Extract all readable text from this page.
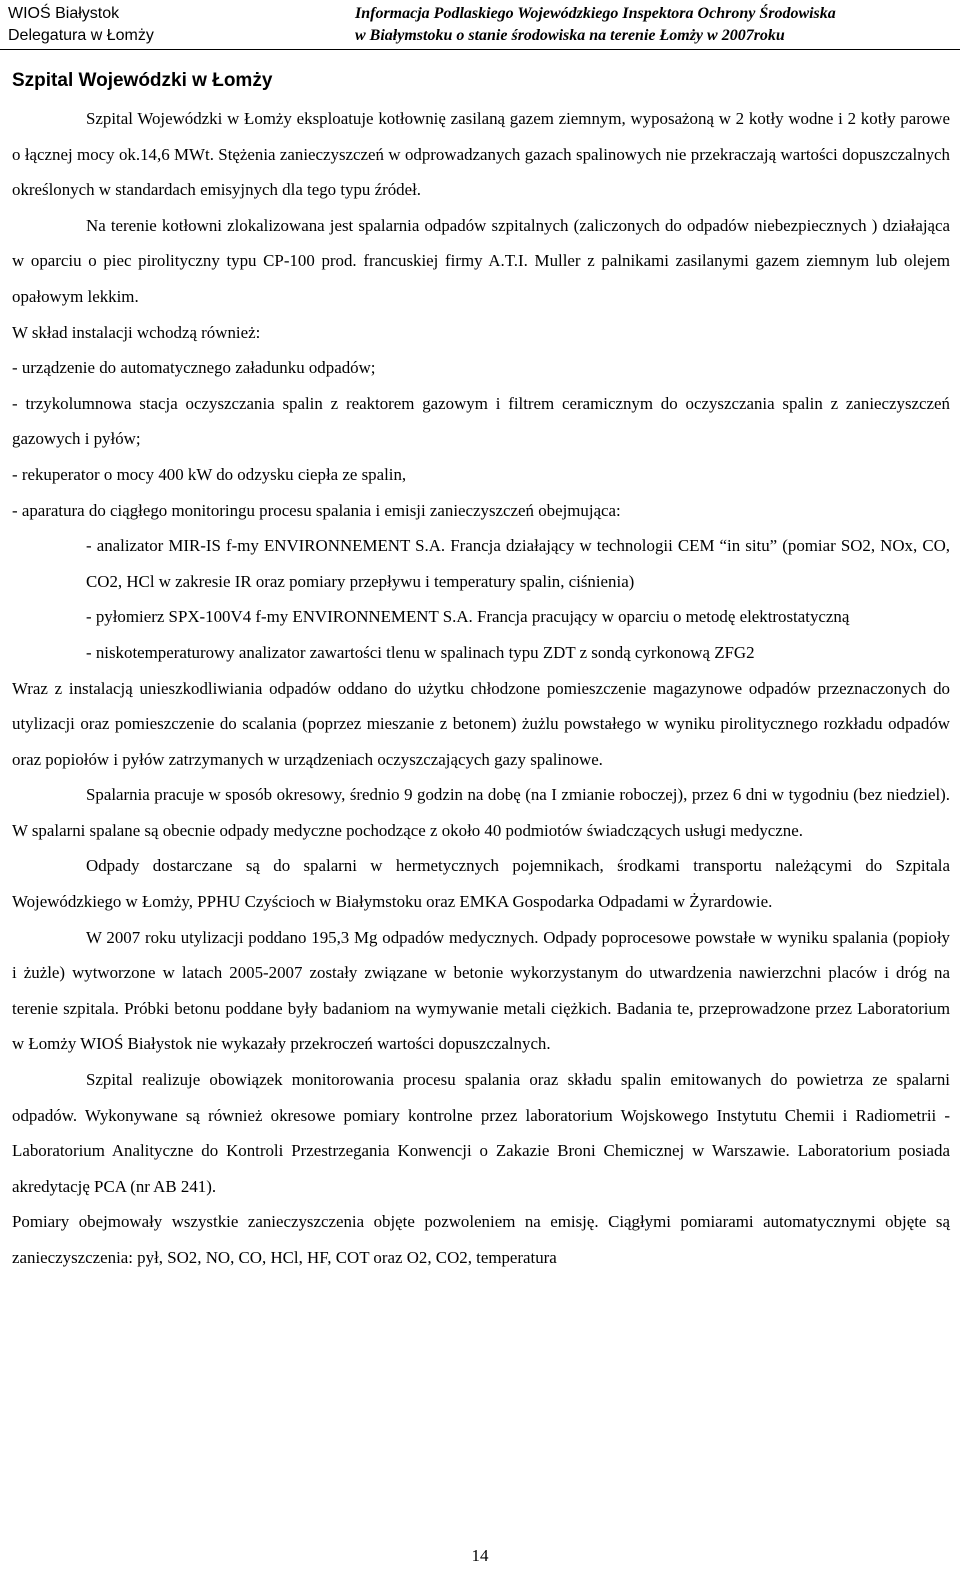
WIOŚ Białystok
Delegatura w Łomży
Informacja Podlaskiego Wojewódzkiego Inspektora Ochrony Środowiska
w Białymstoku o stanie środowiska na terenie Łomży w 2007roku
Szpital Wojewódzki w Łomży

Szpital Wojewódzki w Łomży eksploatuje kotłownię zasilaną gazem ziemnym, wyposażoną w 2 kotły wodne i 2 kotły parowe o łącznej mocy ok.14,6 MWt. Stężenia zanieczyszczeń w odprowadzanych gazach spalinowych nie przekraczają wartości dopuszczalnych określonych w standardach emisyjnych dla tego typu źródeł.

Na terenie kotłowni zlokalizowana jest spalarnia odpadów szpitalnych (zaliczonych do odpadów niebezpiecznych ) działająca w oparciu o piec pirolityczny typu CP-100 prod. francuskiej firmy A.T.I. Muller z palnikami zasilanymi gazem ziemnym lub olejem opałowym lekkim.

W skład instalacji wchodzą również:

- urządzenie do automatycznego załadunku odpadów;

- trzykolumnowa stacja oczyszczania spalin z reaktorem gazowym i filtrem ceramicznym do oczyszczania spalin z zanieczyszczeń gazowych i pyłów;

- rekuperator o mocy 400 kW do odzysku ciepła ze spalin,

- aparatura do ciągłego monitoringu procesu spalania i emisji zanieczyszczeń obejmująca:

- analizator MIR-IS f-my ENVIRONNEMENT S.A. Francja działający w technologii CEM “in situ” (pomiar SO2, NOx, CO, CO2, HCl w zakresie IR oraz pomiary przepływu i temperatury spalin, ciśnienia)

- pyłomierz SPX-100V4 f-my ENVIRONNEMENT S.A. Francja pracujący w oparciu o metodę elektrostatyczną

- niskotemperaturowy analizator zawartości tlenu w spalinach typu ZDT z sondą cyrkonową ZFG2

Wraz z instalacją unieszkodliwiania odpadów oddano do użytku chłodzone pomieszczenie magazynowe odpadów przeznaczonych do utylizacji oraz pomieszczenie do scalania (poprzez mieszanie z betonem) żużlu powstałego w wyniku pirolitycznego rozkładu odpadów oraz popiołów i pyłów zatrzymanych w urządzeniach oczyszczających gazy spalinowe.

Spalarnia pracuje w sposób okresowy, średnio 9 godzin na dobę (na I zmianie roboczej), przez 6 dni w tygodniu (bez niedziel). W spalarni spalane są obecnie odpady medyczne pochodzące z około 40 podmiotów świadczących usługi medyczne.

Odpady dostarczane są do spalarni w hermetycznych pojemnikach, środkami transportu należącymi do Szpitala Wojewódzkiego w Łomży, PPHU Czyścioch w Białymstoku oraz EMKA Gospodarka Odpadami w Żyrardowie.

W 2007 roku utylizacji poddano 195,3 Mg odpadów medycznych. Odpady poprocesowe powstałe w wyniku spalania (popioły i żużle) wytworzone w latach 2005-2007 zostały związane w betonie wykorzystanym do utwardzenia nawierzchni placów i dróg na terenie szpitala. Próbki betonu poddane były badaniom na wymywanie metali ciężkich. Badania te, przeprowadzone przez Laboratorium w Łomży WIOŚ Białystok nie wykazały przekroczeń wartości dopuszczalnych.

Szpital realizuje obowiązek monitorowania procesu spalania oraz składu spalin emitowanych do powietrza ze spalarni odpadów. Wykonywane są również okresowe pomiary kontrolne przez laboratorium Wojskowego Instytutu Chemii i Radiometrii - Laboratorium Analityczne do Kontroli Przestrzegania Konwencji o Zakazie Broni Chemicznej w Warszawie. Laboratorium posiada akredytację PCA (nr AB 241).

Pomiary obejmowały wszystkie zanieczyszczenia objęte pozwoleniem na emisję. Ciągłymi pomiarami automatycznymi objęte są zanieczyszczenia: pył, SO2, NO, CO, HCl, HF, COT oraz O2, CO2, temperatura

14
